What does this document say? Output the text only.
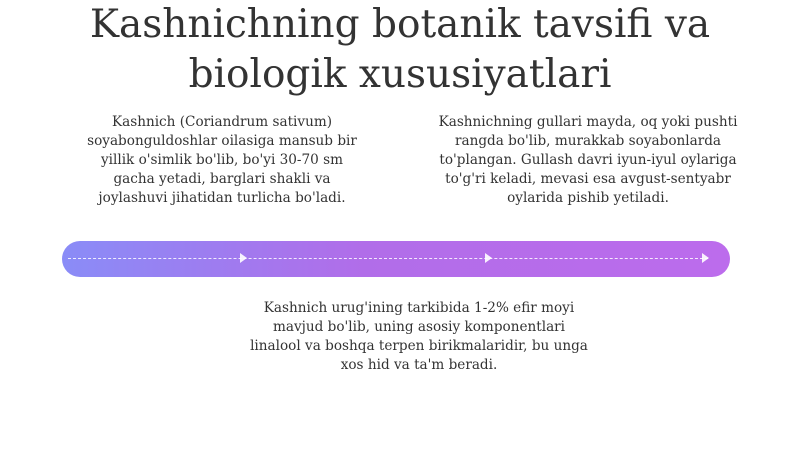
Kashnichning botanik tavsifi va
biologik xususiyatlari
Kashnich (Coriandrum sativum)
soyabonguldoshlar oilasiga mansub bir
yillik o'simlik bo'lib, bo'yi 30-70 sm
gacha yetadi, barglari shakli va
joylashuvi jihatidan turlicha bo'ladi.
Kashnichning gullari mayda, oq yoki pushti
rangda bo'lib, murakkab soyabonlarda
to'plangan. Gullash davri iyun-iyul oylariga
to'g'ri keladi, mevasi esa avgust-sentyabr
oylarida pishib yetiladi.
Kashnich urug'ining tarkibida 1-2% efir moyi
mavjud bo'lib, uning asosiy komponentlari
linalool va boshqa terpen birikmalaridir, bu unga
xos hid va ta'm beradi.
